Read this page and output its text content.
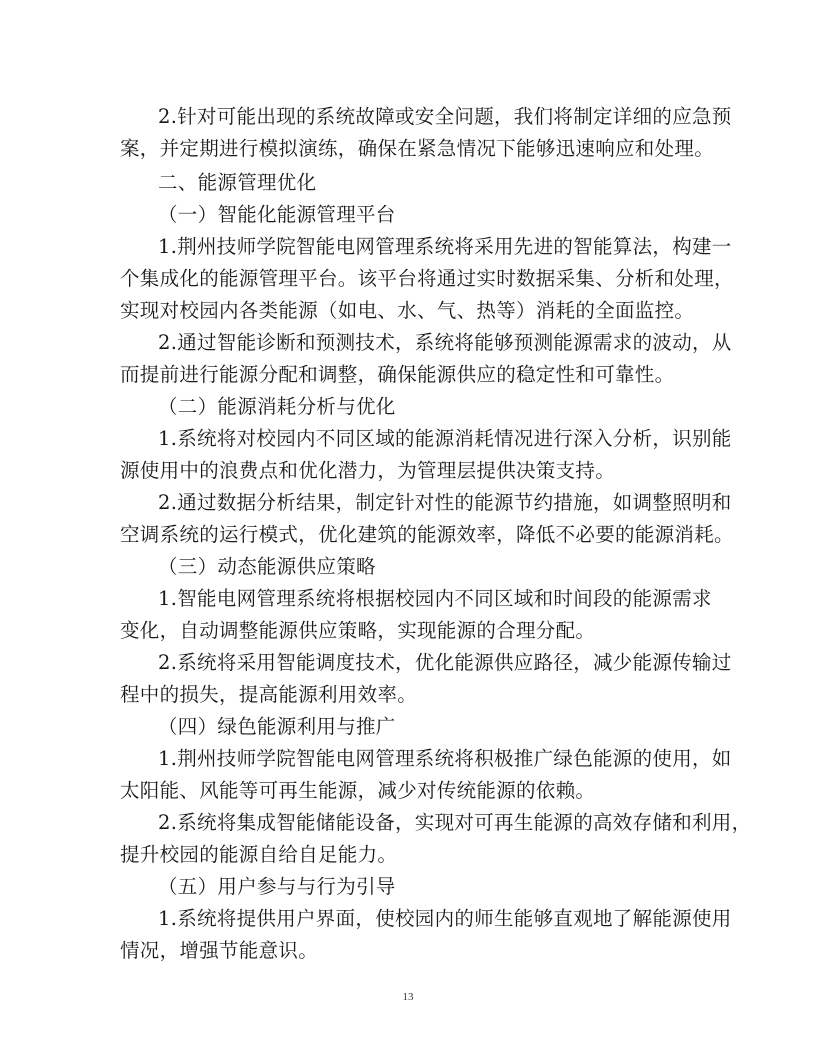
2.针对可能出现的系统故障或安全问题，我们将制定详细的应急预
案，并定期进行模拟演练，确保在紧急情况下能够迅速响应和处理。
二、能源管理优化
（一）智能化能源管理平台
1.荆州技师学院智能电网管理系统将采用先进的智能算法，构建一
个集成化的能源管理平台。该平台将通过实时数据采集、分析和处理，
实现对校园内各类能源（如电、水、气、热等）消耗的全面监控。
2.通过智能诊断和预测技术，系统将能够预测能源需求的波动，从
而提前进行能源分配和调整，确保能源供应的稳定性和可靠性。
（二）能源消耗分析与优化
1.系统将对校园内不同区域的能源消耗情况进行深入分析，识别能
源使用中的浪费点和优化潜力，为管理层提供决策支持。
2.通过数据分析结果，制定针对性的能源节约措施，如调整照明和
空调系统的运行模式，优化建筑的能源效率，降低不必要的能源消耗。
（三）动态能源供应策略
1.智能电网管理系统将根据校园内不同区域和时间段的能源需求
变化，自动调整能源供应策略，实现能源的合理分配。
2.系统将采用智能调度技术，优化能源供应路径，减少能源传输过
程中的损失，提高能源利用效率。
（四）绿色能源利用与推广
1.荆州技师学院智能电网管理系统将积极推广绿色能源的使用，如
太阳能、风能等可再生能源，减少对传统能源的依赖。
2.系统将集成智能储能设备，实现对可再生能源的高效存储和利用，
提升校园的能源自给自足能力。
（五）用户参与与行为引导
1.系统将提供用户界面，使校园内的师生能够直观地了解能源使用
情况，增强节能意识。
13
